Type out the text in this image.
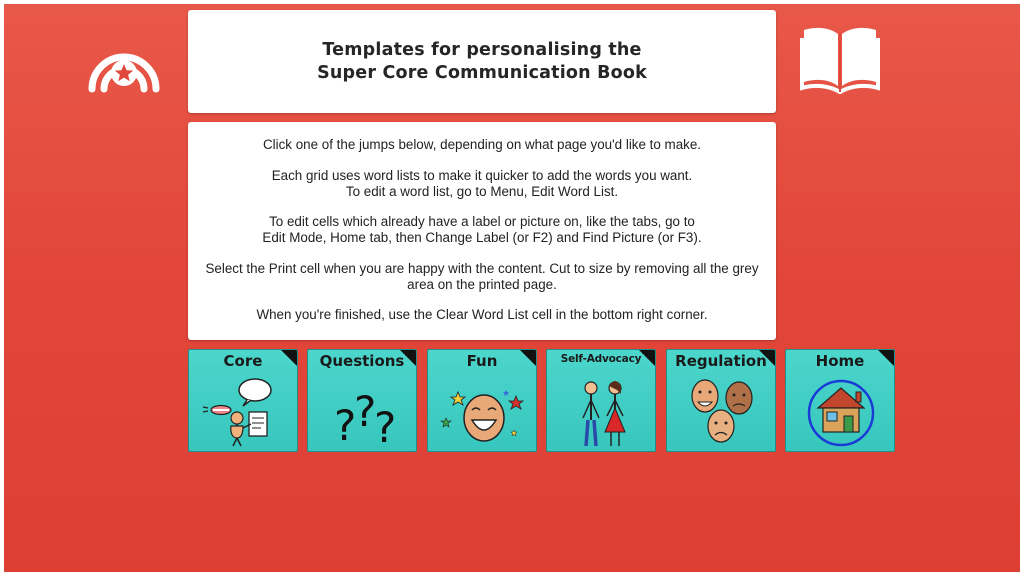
Templates for personalising the
Super Core Communication Book
Click one of the jumps below, depending on what page you'd like to make.
Each grid uses word lists to make it quicker to add the words you want.
To edit a word list, go to Menu, Edit Word List.
To edit cells which already have a label or picture on, like the tabs, go to
Edit Mode, Home tab, then Change Label (or F2) and Find Picture (or F3).
Select the Print cell when you are happy with the content. Cut to size by removing all the grey
area on the printed page.
When you're finished, use the Clear Word List cell in the bottom right corner.
Core	Questions
?
?
?
Fun	Self-Advocacy	Regulation	Home
